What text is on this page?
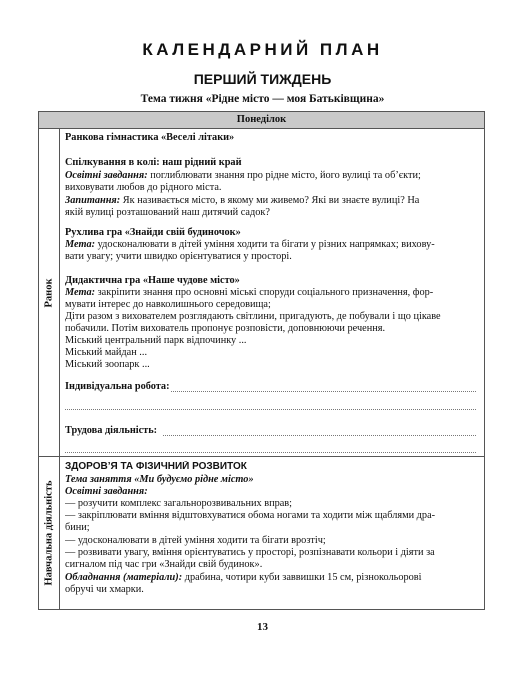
КАЛЕНДАРНИЙ ПЛАН
ПЕРШИЙ ТИЖДЕНЬ
Тема тижня «Рідне місто — моя Батьківщина»
Понеділок
Ранок
Навчальна діяльність
Ранкова гімнастика «Веселі літаки»
Спілкування в колі: наш рідний край
Освітні завдання: поглиблювати знання про рідне місто, його вулиці та об’єкти;
виховувати любов до рідного міста.
Запитання: Як називається місто, в якому ми живемо? Які ви знаєте вулиці? На
якій вулиці розташований наш дитячий садок?
Рухлива гра «Знайди свій будиночок»
Мета: удосконалювати в дітей уміння ходити та бігати у різних напрямках; вихову-
вати увагу; учити швидко орієнтуватися у просторі.
Дидактична гра «Наше чудове місто»
Мета: закріпити знання про основні міські споруди соціального призначення, фор-
мувати інтерес до навколишнього середовища;
Діти разом з вихователем розглядають світлини, пригадують, де побували і що цікаве
побачили. Потім вихователь пропонує розповісти, доповнюючи речення.
Міський центральний парк відпочинку ...
Міський майдан ...
Міський зоопарк ...
Індивідуальна робота:
Трудова діяльність:
ЗДОРОВ’Я ТА ФІЗИЧНИЙ РОЗВИТОК
Тема заняття «Ми будуємо рідне місто»
Освітні завдання:
— розучити комплекс загальнорозвивальних вправ;
— закріплювати вміння відштовхуватися обома ногами та ходити між щаблями дра-
бини;
— удосконалювати в дітей уміння ходити та бігати врозтіч;
— розвивати увагу, вміння орієнтуватись у просторі, розпізнавати кольори і діяти за
сигналом під час гри «Знайди свій будинок».
Обладнання (матеріали): драбина, чотири куби заввишки 15 см, різнокольорові
обручі чи хмарки.
13
